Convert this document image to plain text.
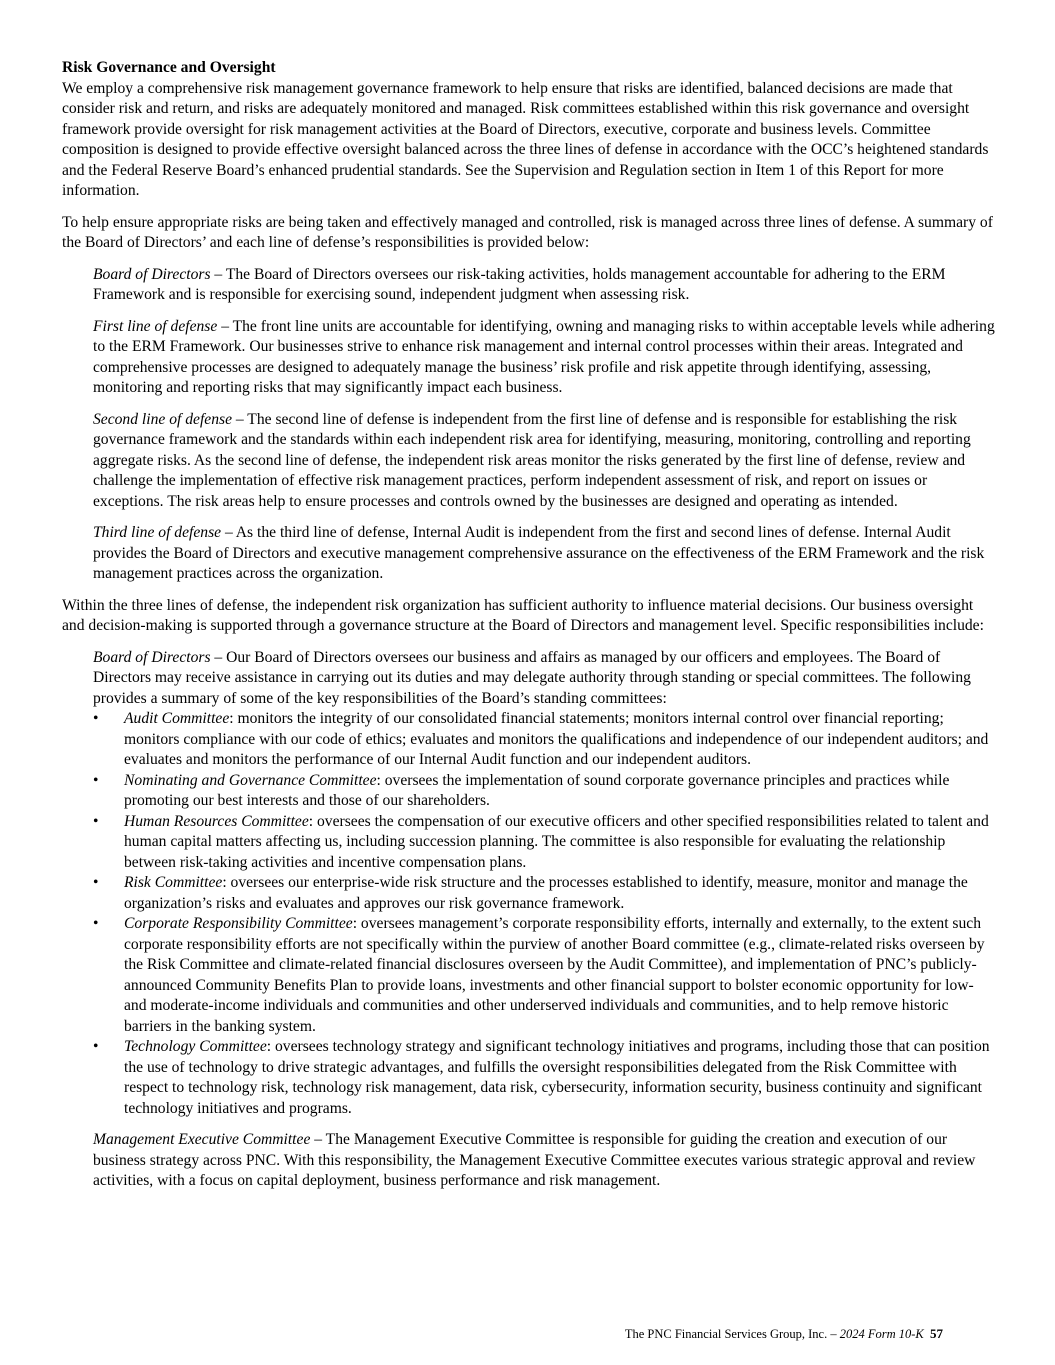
Risk Governance and Oversight

We employ a comprehensive risk management governance framework to help ensure that risks are identified, balanced decisions are made that consider risk and return, and risks are adequately monitored and managed. Risk committees established within this risk governance and oversight framework provide oversight for risk management activities at the Board of Directors, executive, corporate and business levels. Committee composition is designed to provide effective oversight balanced across the three lines of defense in accordance with the OCC’s heightened standards and the Federal Reserve Board’s enhanced prudential standards. See the Supervision and Regulation section in Item 1 of this Report for more information.

To help ensure appropriate risks are being taken and effectively managed and controlled, risk is managed across three lines of defense. A summary of the Board of Directors’ and each line of defense’s responsibilities is provided below:

Board of Directors – The Board of Directors oversees our risk-taking activities, holds management accountable for adhering to the ERM Framework and is responsible for exercising sound, independent judgment when assessing risk.

First line of defense – The front line units are accountable for identifying, owning and managing risks to within acceptable levels while adhering to the ERM Framework. Our businesses strive to enhance risk management and internal control processes within their areas. Integrated and comprehensive processes are designed to adequately manage the business’ risk profile and risk appetite through identifying, assessing, monitoring and reporting risks that may significantly impact each business.

Second line of defense – The second line of defense is independent from the first line of defense and is responsible for establishing the risk governance framework and the standards within each independent risk area for identifying, measuring, monitoring, controlling and reporting aggregate risks. As the second line of defense, the independent risk areas monitor the risks generated by the first line of defense, review and challenge the implementation of effective risk management practices, perform independent assessment of risk, and report on issues or exceptions. The risk areas help to ensure processes and controls owned by the businesses are designed and operating as intended.

Third line of defense – As the third line of defense, Internal Audit is independent from the first and second lines of defense. Internal Audit provides the Board of Directors and executive management comprehensive assurance on the effectiveness of the ERM Framework and the risk management practices across the organization.

Within the three lines of defense, the independent risk organization has sufficient authority to influence material decisions. Our business oversight and decision-making is supported through a governance structure at the Board of Directors and management level. Specific responsibilities include:

Board of Directors – Our Board of Directors oversees our business and affairs as managed by our officers and employees. The Board of Directors may receive assistance in carrying out its duties and may delegate authority through standing or special committees. The following provides a summary of some of the key responsibilities of the Board’s standing committees:

• Audit Committee: monitors the integrity of our consolidated financial statements; monitors internal control over financial reporting; monitors compliance with our code of ethics; evaluates and monitors the qualifications and independence of our independent auditors; and evaluates and monitors the performance of our Internal Audit function and our independent auditors.
• Nominating and Governance Committee: oversees the implementation of sound corporate governance principles and practices while promoting our best interests and those of our shareholders.
• Human Resources Committee: oversees the compensation of our executive officers and other specified responsibilities related to talent and human capital matters affecting us, including succession planning. The committee is also responsible for evaluating the relationship between risk-taking activities and incentive compensation plans.
• Risk Committee: oversees our enterprise-wide risk structure and the processes established to identify, measure, monitor and manage the organization’s risks and evaluates and approves our risk governance framework.
• Corporate Responsibility Committee: oversees management’s corporate responsibility efforts, internally and externally, to the extent such corporate responsibility efforts are not specifically within the purview of another Board committee (e.g., climate-related risks overseen by the Risk Committee and climate-related financial disclosures overseen by the Audit Committee), and implementation of PNC’s publicly-announced Community Benefits Plan to provide loans, investments and other financial support to bolster economic opportunity for low- and moderate-income individuals and communities and other underserved individuals and communities, and to help remove historic barriers in the banking system.
• Technology Committee: oversees technology strategy and significant technology initiatives and programs, including those that can position the use of technology to drive strategic advantages, and fulfills the oversight responsibilities delegated from the Risk Committee with respect to technology risk, technology risk management, data risk, cybersecurity, information security, business continuity and significant technology initiatives and programs.

Management Executive Committee – The Management Executive Committee is responsible for guiding the creation and execution of our business strategy across PNC. With this responsibility, the Management Executive Committee executes various strategic approval and review activities, with a focus on capital deployment, business performance and risk management.

The PNC Financial Services Group, Inc. – 2024 Form 10-K 57
